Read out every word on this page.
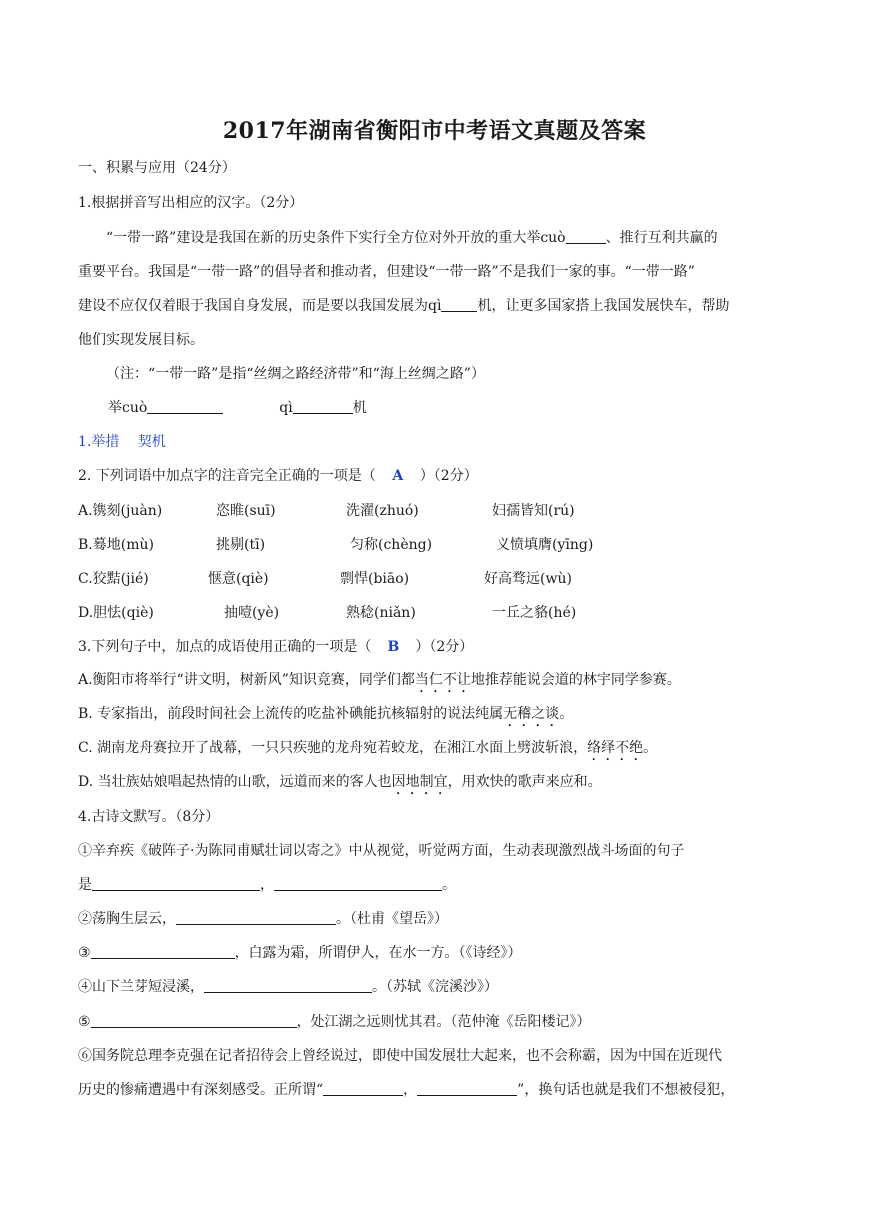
2017年湖南省衡阳市中考语文真题及答案
一、积累与应用（24分）
1.根据拼音写出相应的汉字。（2分）
“一带一路”建设是我国在新的历史条件下实行全方位对外开放的重大举cuò	、推行互利共赢的
重要平台。我国是“一带一路”的倡导者和推动者，但建设“一带一路”不是我们一家的事。“一带一路”
建设不应仅仅着眼于我国自身发展，而是要以我国发展为qì	机，让更多国家搭上我国发展快车，帮助
他们实现发展目标。
（注：“一带一路”是指“丝绸之路经济带”和“海上丝绸之路”）
举cuò	qì	机
1.举措　 契机
2. 下列词语中加点字的注音完全正确的一项是（ A ）（2分）
A.镌刻(juàn)	恣睢(suī)	洗濯(zhuó)	妇孺皆知(rú)
B.蓦地(mù)	挑剔(tī)	匀称(chèng)	义愤填膺(yīng)
C.狡黠(jié)	惬意(qiè)	剽悍(biāo)	好高骛远(wù)
D.胆怯(qiè)	抽噎(yè)	熟稔(niǎn)	一丘之貉(hé)
3.下列句子中，加点的成语使用正确的一项是（ B ）（2分）
A.衡阳市将举行“讲文明，树新风”知识竞赛，同学们都当仁不让地推荐能说会道的林宇同学参赛。
B. 专家指出，前段时间社会上流传的吃盐补碘能抗核辐射的说法纯属无稽之谈。
C. 湖南龙舟赛拉开了战幕，一只只疾驰的龙舟宛若蛟龙，在湘江水面上劈波斩浪，络绎不绝。
D. 当壮族姑娘唱起热情的山歌，远道而来的客人也因地制宜，用欢快的歌声来应和。
4.古诗文默写。（8分）
①辛弃疾《破阵子·为陈同甫赋壮词以寄之》中从视觉，听觉两方面，生动表现激烈战斗场面的句子
是	，	。
②荡胸生层云，	。（杜甫《望岳》）
③	，白露为霜，所谓伊人，在水一方。（《诗经》）
④山下兰芽短浸溪，	。（苏轼《浣溪沙》）
⑤	，处江湖之远则忧其君。（范仲淹《岳阳楼记》）
⑥国务院总理李克强在记者招待会上曾经说过，即使中国发展壮大起来，也不会称霸，因为中国在近现代
历史的惨痛遭遇中有深刻感受。正所谓“	，	”，换句话也就是我们不想被侵犯，
